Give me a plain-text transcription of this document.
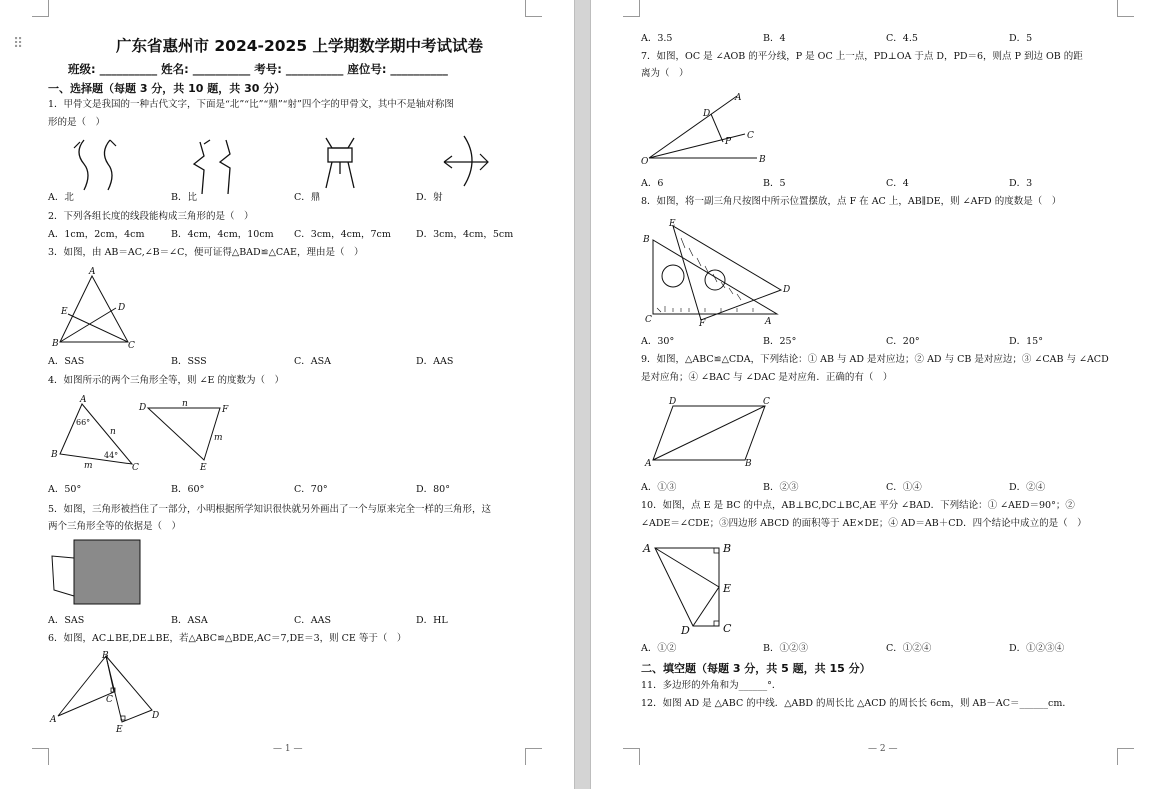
⠿	广东省惠州市 2024-2025 上学期数学期中考试试卷
班级: __________ 姓名: __________ 考号: __________ 座位号: __________
一、选择题（每题 3 分，共 10 题，共 30 分）
1．甲骨文是我国的一种古代文字，下面是“北”“比”“鼎”“射”四个字的甲骨文，其中不是轴对称图
形的是（　）
A．北	B．比	C．鼎	D．射
2．下列各组长度的线段能构成三角形的是（　）
A．1cm，2cm，4cm	B．4cm，4cm，10cm C．3cm，4cm，7cm	D．3cm，4cm，5cm
3．如图，由 AB＝AC,∠B＝∠C，便可证得△BAD≌△CAE，理由是（　）
A
E	D
B	C
A．SAS	B．SSS	C．ASA	D．AAS
4．如图所示的两个三角形全等，则 ∠E 的度数为（　）
A
66°
n
B
m
44°
C
D	n
F
m
E
A．50°	B．60°	C．70°	D．80°
5．如图，三角形被挡住了一部分，小明根据所学知识很快就另外画出了一个与原来完全一样的三角形，这
两个三角形全等的依据是（　）
A．SAS	B．ASA	C．AAS	D．HL
6．如图，AC⊥BE,DE⊥BE，若△ABC≌△BDE,AC＝7,DE＝3，则 CE 等于（　）
B
C
A	D
E
— 1 —
A．3.5	B．4	C．4.5	D．5
7．如图，OC 是 ∠AOB 的平分线，P 是 OC 上一点，PD⊥OA 于点 D，PD＝6，则点 P 到边 OB 的距
离为（　）
A
D
C
P
O	B
A．6	B．5	C．4	D．3
8．如图，将一副三角尺按图中所示位置摆放，点 F 在 AC 上，AB∥DE，则 ∠AFD 的度数是（　）
E
B
D
C	F	A
A．30°	B．25°	C．20°	D．15°
9．如图，△ABC≌△CDA，下列结论：① AB 与 AD 是对应边；② AD 与 CB 是对应边；③ ∠CAB 与 ∠ACD
是对应角；④ ∠BAC 与 ∠DAC 是对应角．正确的有（　）
D	C
A	B
A．①③	B．②③	C．①④	D．②④
10．如图，点 E 是 BC 的中点，AB⊥BC,DC⊥BC,AE 平分 ∠BAD．下列结论：① ∠AED＝90°；②
∠ADE＝∠CDE；③四边形 ABCD 的面积等于 AE×DE；④ AD＝AB＋CD．四个结论中成立的是（　）
A	B
E
D	C
A．①②	B．①②③	C．①②④	D．①②③④
二、填空题（每题 3 分，共 5 题，共 15 分）
11．多边形的外角和为______°．
12．如图 AD 是 △ABC 的中线．△ABD 的周长比 △ACD 的周长长 6cm，则 AB－AC＝______cm．
— 2 —
